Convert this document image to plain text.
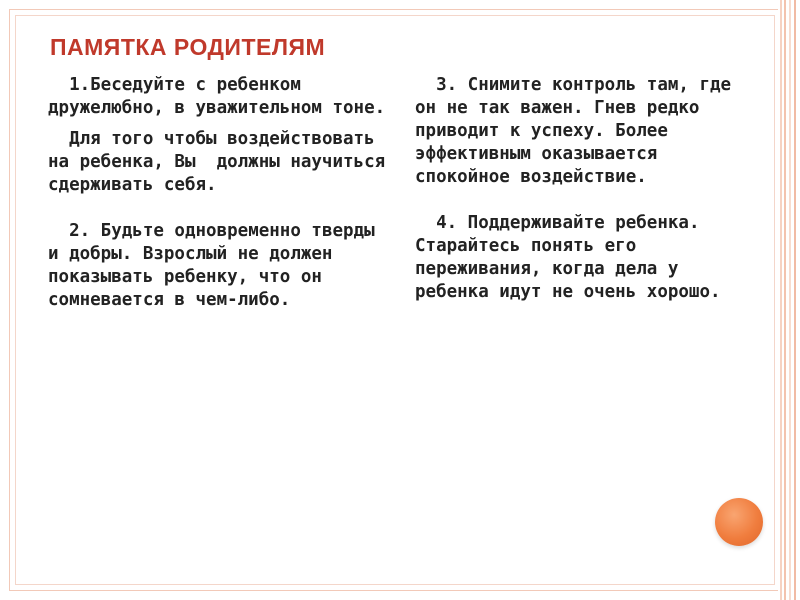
ПАМЯТКА РОДИТЕЛЯМ

1.Беседуйте с ребенком дружелюбно, в уважительном тоне.

Для того чтобы воздействовать на ребенка, Вы  должны научиться сдерживать себя.

2. Будьте одновременно тверды и добры. Взрослый не должен показывать ребенку, что он сомневается в чем-либо.

3. Снимите контроль там, где он не так важен. Гнев редко приводит к успеху. Более эффективным оказывается спокойное воздействие.

4. Поддерживайте ребенка. Старайтесь понять его переживания, когда дела у ребенка идут не очень хорошо.
